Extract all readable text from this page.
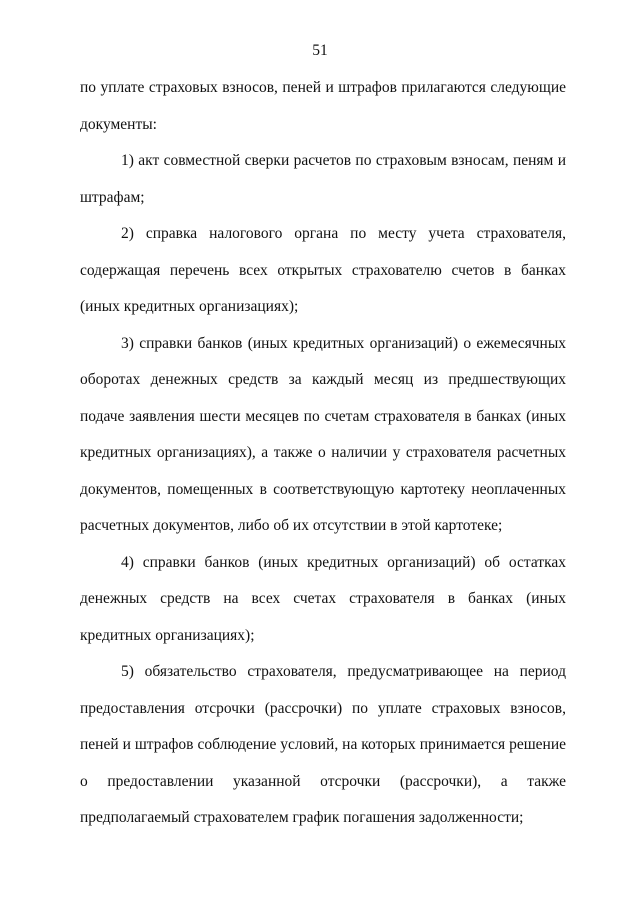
51

по уплате страховых взносов, пеней и штрафов прилагаются следующие документы:

1) акт совместной сверки расчетов по страховым взносам, пеням и штрафам;

2) справка налогового органа по месту учета страхователя, содержащая перечень всех открытых страхователю счетов в банках (иных кредитных организациях);

3) справки банков (иных кредитных организаций) о ежемесячных оборотах денежных средств за каждый месяц из предшествующих подаче заявления шести месяцев по счетам страхователя в банках (иных кредитных организациях), а также о наличии у страхователя расчетных документов, помещенных в соответствующую картотеку неоплаченных расчетных документов, либо об их отсутствии в этой картотеке;

4) справки банков (иных кредитных организаций) об остатках денежных средств на всех счетах страхователя в банках (иных кредитных организациях);

5) обязательство страхователя, предусматривающее на период предоставления отсрочки (рассрочки) по уплате страховых взносов, пеней и штрафов соблюдение условий, на которых принимается решение о предоставлении указанной отсрочки (рассрочки), а также предполагаемый страхователем график погашения задолженности;
